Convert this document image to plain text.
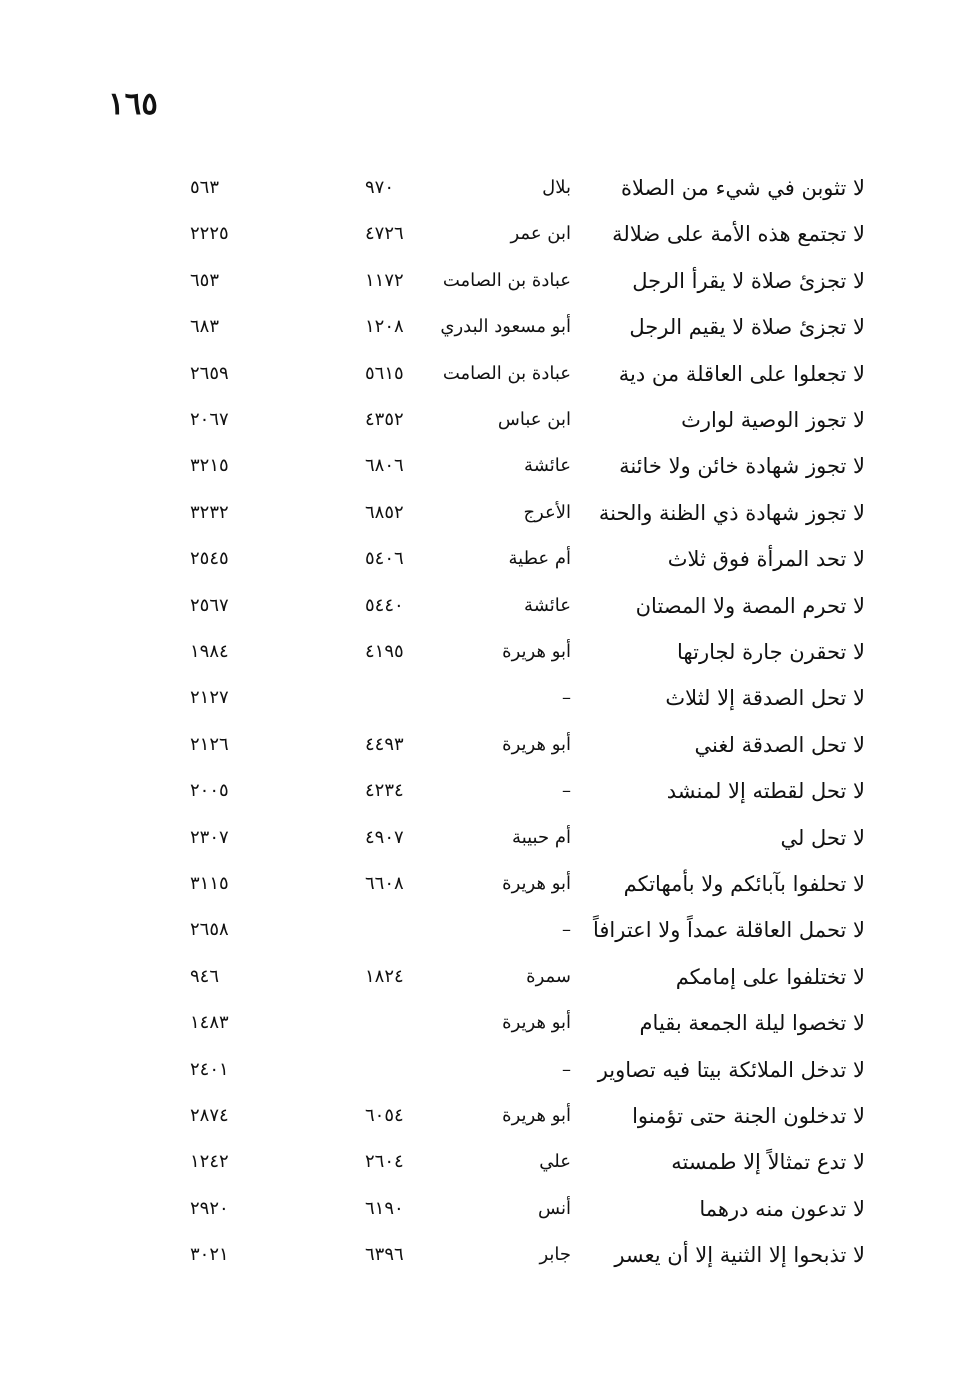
١٦٥
لا تثوبن في شيء من الصلاة
بلال
٩٧٠
٥٦٣
لا تجتمع هذه الأمة على ضلالة
ابن عمر
٤٧٢٦
٢٢٢٥
لا تجزئ صلاة لا يقرأ الرجل
عبادة بن الصامت
١١٧٢
٦٥٣
لا تجزئ صلاة لا يقيم الرجل
أبو مسعود البدري
١٢٠٨
٦٨٣
لا تجعلوا على العاقلة من دية
عبادة بن الصامت
٥٦١٥
٢٦٥٩
لا تجوز الوصية لوارث
ابن عباس
٤٣٥٢
٢٠٦٧
لا تجوز شهادة خائن ولا خائنة
عائشة
٦٨٠٦
٣٢١٥
لا تجوز شهادة ذي الظنة والحنة
الأعرج
٦٨٥٢
٣٢٣٢
لا تحد المرأة فوق ثلاث
أم عطية
٥٤٠٦
٢٥٤٥
لا تحرم المصة ولا المصتان
عائشة
٥٤٤٠
٢٥٦٧
لا تحقرن جارة لجارتها
أبو هريرة
٤١٩٥
١٩٨٤
لا تحل الصدقة إلا لثلاث
–
٢١٢٧
لا تحل الصدقة لغني
أبو هريرة
٤٤٩٣
٢١٢٦
لا تحل لقطته إلا لمنشد
–
٤٢٣٤
٢٠٠٥
لا تحل لي
أم حبيبة
٤٩٠٧
٢٣٠٧
لا تحلفوا بآبائكم ولا بأمهاتكم
أبو هريرة
٦٦٠٨
٣١١٥
لا تحمل العاقلة عمداً ولا اعترافاً
–
٢٦٥٨
لا تختلفوا على إمامكم
سمرة
١٨٢٤
٩٤٦
لا تخصوا ليلة الجمعة بقيام
أبو هريرة
١٤٨٣
لا تدخل الملائكة بيتا فيه تصاوير
–
٢٤٠١
لا تدخلون الجنة حتى تؤمنوا
أبو هريرة
٦٠٥٤
٢٨٧٤
لا تدع تمثالاً إلا طمسته
علي
٢٦٠٤
١٢٤٢
لا تدعون منه درهما
أنس
٦١٩٠
٢٩٢٠
لا تذبحوا إلا الثنية إلا أن يعسر
جابر
٦٣٩٦
٣٠٢١
